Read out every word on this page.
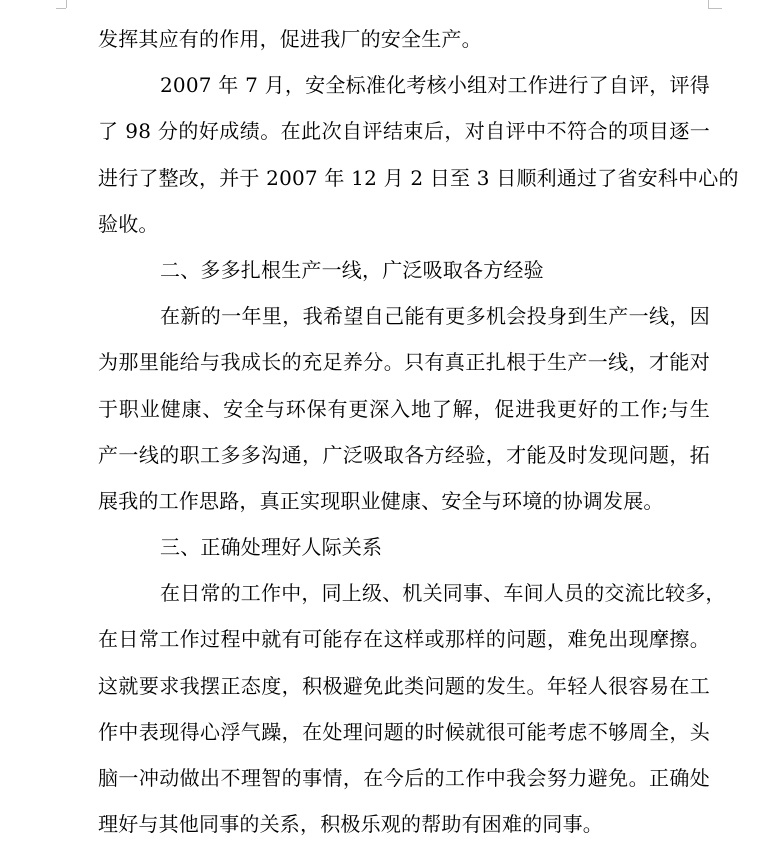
发挥其应有的作用，促进我厂的安全生产。
2007 年 7 月，安全标准化考核小组对工作进行了自评，评得
了 98 分的好成绩。在此次自评结束后，对自评中不符合的项目逐一
进行了整改，并于 2007 年 12 月 2 日至 3 日顺利通过了省安科中心的
验收。
二、多多扎根生产一线，广泛吸取各方经验
在新的一年里，我希望自己能有更多机会投身到生产一线，因
为那里能给与我成长的充足养分。只有真正扎根于生产一线，才能对
于职业健康、安全与环保有更深入地了解，促进我更好的工作;与生
产一线的职工多多沟通，广泛吸取各方经验，才能及时发现问题，拓
展我的工作思路，真正实现职业健康、安全与环境的协调发展。
三、正确处理好人际关系
在日常的工作中，同上级、机关同事、车间人员的交流比较多，
在日常工作过程中就有可能存在这样或那样的问题，难免出现摩擦。
这就要求我摆正态度，积极避免此类问题的发生。年轻人很容易在工
作中表现得心浮气躁，在处理问题的时候就很可能考虑不够周全，头
脑一冲动做出不理智的事情，在今后的工作中我会努力避免。正确处
理好与其他同事的关系，积极乐观的帮助有困难的同事。
